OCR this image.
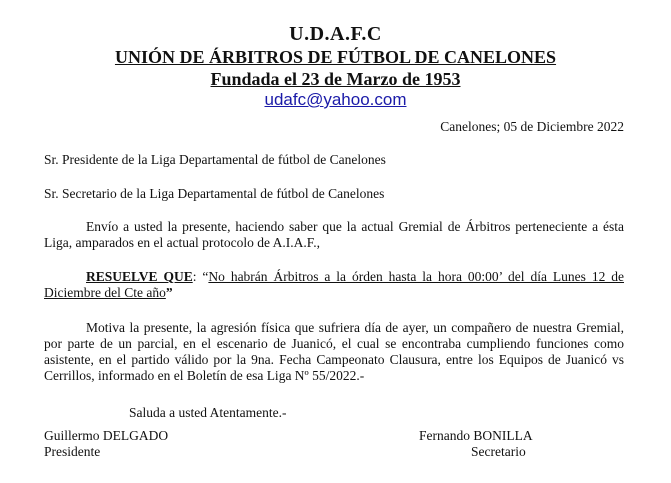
U.D.A.F.C
UNIÓN DE ÁRBITROS DE FÚTBOL DE CANELONES
Fundada el 23 de Marzo de 1953
udafc@yahoo.com
Canelones; 05 de Diciembre 2022
Sr. Presidente de la Liga Departamental de fútbol de Canelones
Sr. Secretario de la Liga Departamental de fútbol de Canelones
Envío a usted la presente, haciendo saber que la actual Gremial de Árbitros perteneciente a ésta Liga, amparados en el actual protocolo de A.I.A.F.,
RESUELVE QUE: “No habrán Árbitros a la órden hasta la hora 00:00’ del día Lunes 12 de Diciembre del Cte año”
Motiva la presente, la agresión física que sufriera día de ayer, un compañero de nuestra Gremial, por parte de un parcial, en el escenario de Juanicó, el cual se encontraba cumpliendo funciones como asistente, en el partido válido por la 9na. Fecha Campeonato Clausura, entre los Equipos de Juanicó vs Cerrillos, informado en el Boletín de esa Liga Nº 55/2022.-
Saluda a usted Atentamente.-
Guillermo DELGADO
Presidente
Fernando BONILLA
Secretario
